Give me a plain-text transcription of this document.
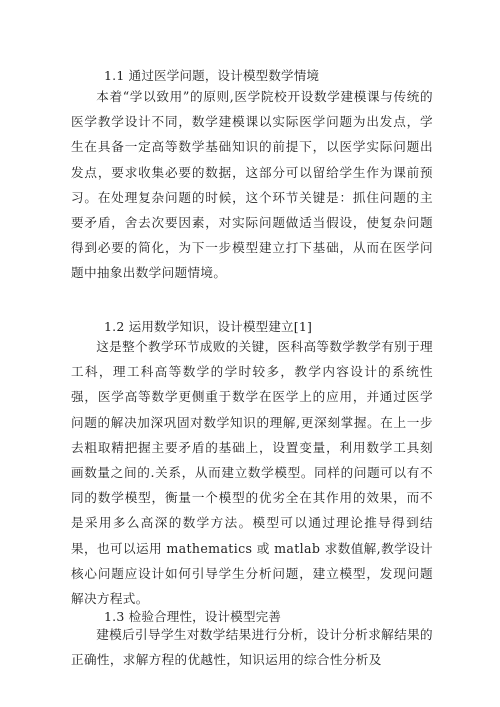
1.1 通过医学问题，设计模型数学情境

本着“学以致用”的原则,医学院校开设数学建模课与传统的医学教学设计不同，数学建模课以实际医学问题为出发点，学生在具备一定高等数学基础知识的前提下，以医学实际问题出发点，要求收集必要的数据，这部分可以留给学生作为课前预习。在处理复杂问题的时候，这个环节关键是：抓住问题的主要矛盾，舍去次要因素，对实际问题做适当假设，使复杂问题得到必要的简化，为下一步模型建立打下基础，从而在医学问题中抽象出数学问题情境。

1.2 运用数学知识，设计模型建立[1]

这是整个教学环节成败的关键，医科高等数学教学有别于理工科，理工科高等数学的学时较多，教学内容设计的系统性强，医学高等数学更侧重于数学在医学上的应用，并通过医学问题的解决加深巩固对数学知识的理解,更深刻掌握。在上一步去粗取精把握主要矛盾的基础上，设置变量，利用数学工具刻画数量之间的.关系，从而建立数学模型。同样的问题可以有不同的数学模型，衡量一个模型的优劣全在其作用的效果，而不是采用多么高深的数学方法。模型可以通过理论推导得到结果，也可以运用 mathematics 或 matlab 求数值解,教学设计核心问题应设计如何引导学生分析问题，建立模型，发现问题解决方程式。

1.3 检验合理性，设计模型完善

建模后引导学生对数学结果进行分析，设计分析求解结果的正确性，求解方程的优越性，知识运用的综合性分析及
